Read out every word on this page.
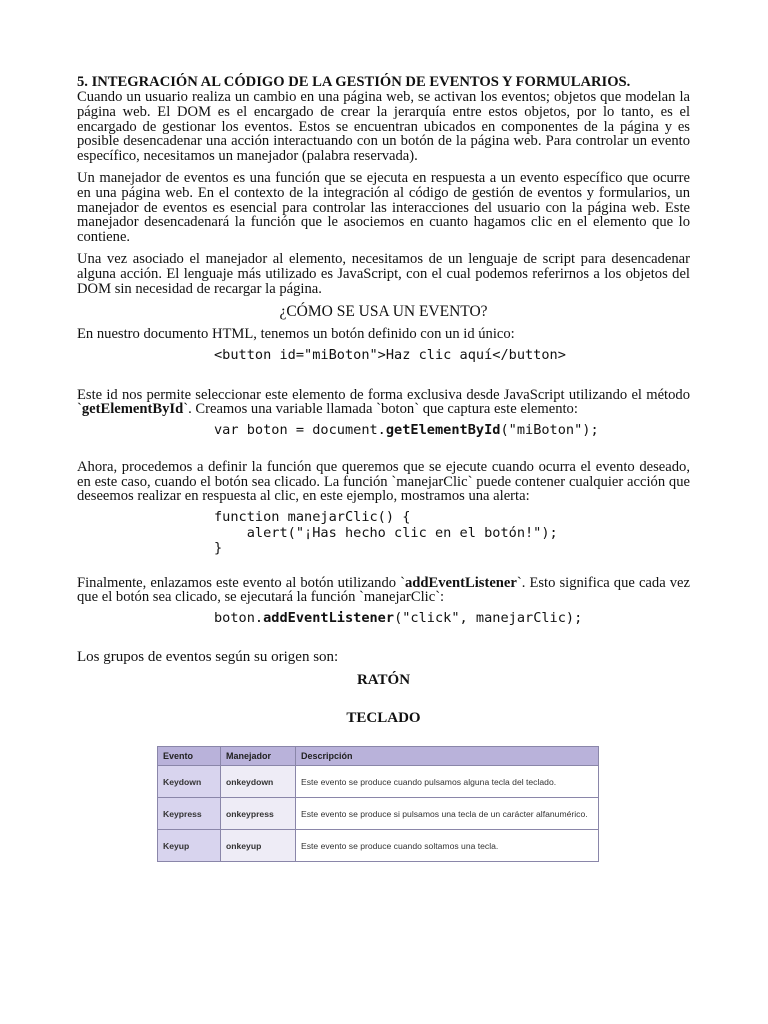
5. INTEGRACIÓN AL CÓDIGO DE LA GESTIÓN DE EVENTOS Y FORMULARIOS.

Cuando un usuario realiza un cambio en una página web, se activan los eventos; objetos que modelan la página web. El DOM es el encargado de crear la jerarquía entre estos objetos, por lo tanto, es el encargado de gestionar los eventos. Estos se encuentran ubicados en componentes de la página y es posible desencadenar una acción interactuando con un botón de la página web. Para controlar un evento específico, necesitamos un manejador (palabra reservada).

Un manejador de eventos es una función que se ejecuta en respuesta a un evento específico que ocurre en una página web. En el contexto de la integración al código de gestión de eventos y formularios, un manejador de eventos es esencial para controlar las interacciones del usuario con la página web. Este manejador desencadenará la función que le asociemos en cuanto hagamos clic en el elemento que lo contiene.

Una vez asociado el manejador al elemento, necesitamos de un lenguaje de script para desencadenar alguna acción. El lenguaje más utilizado es JavaScript, con el cual podemos referirnos a los objetos del DOM sin necesidad de recargar la página.

¿CÓMO SE USA UN EVENTO?

En nuestro documento HTML, tenemos un botón definido con un id único:

<button id="miBoton">Haz clic aquí</button>

Este id nos permite seleccionar este elemento de forma exclusiva desde JavaScript utilizando el método `getElementById`. Creamos una variable llamada `boton` que captura este elemento:

var boton = document.getElementById("miBoton");

Ahora, procedemos a definir la función que queremos que se ejecute cuando ocurra el evento deseado, en este caso, cuando el botón sea clicado. La función `manejarClic` puede contener cualquier acción que deseemos realizar en respuesta al clic, en este ejemplo, mostramos una alerta:

function manejarClic() {
alert("¡Has hecho clic en el botón!");
}

Finalmente, enlazamos este evento al botón utilizando `addEventListener`. Esto significa que cada vez que el botón sea clicado, se ejecutará la función `manejarClic`:

boton.addEventListener("click", manejarClic);

Los grupos de eventos según su origen son:

RATÓN
TECLADO
Evento	Manejador	Descripción
Keydown	onkeydown	Este evento se produce cuando pulsamos alguna tecla del teclado.
Keypress	onkeypress	Este evento se produce si pulsamos una tecla de un carácter alfanumérico.
Keyup	onkeyup	Este evento se produce cuando soltamos una tecla.
